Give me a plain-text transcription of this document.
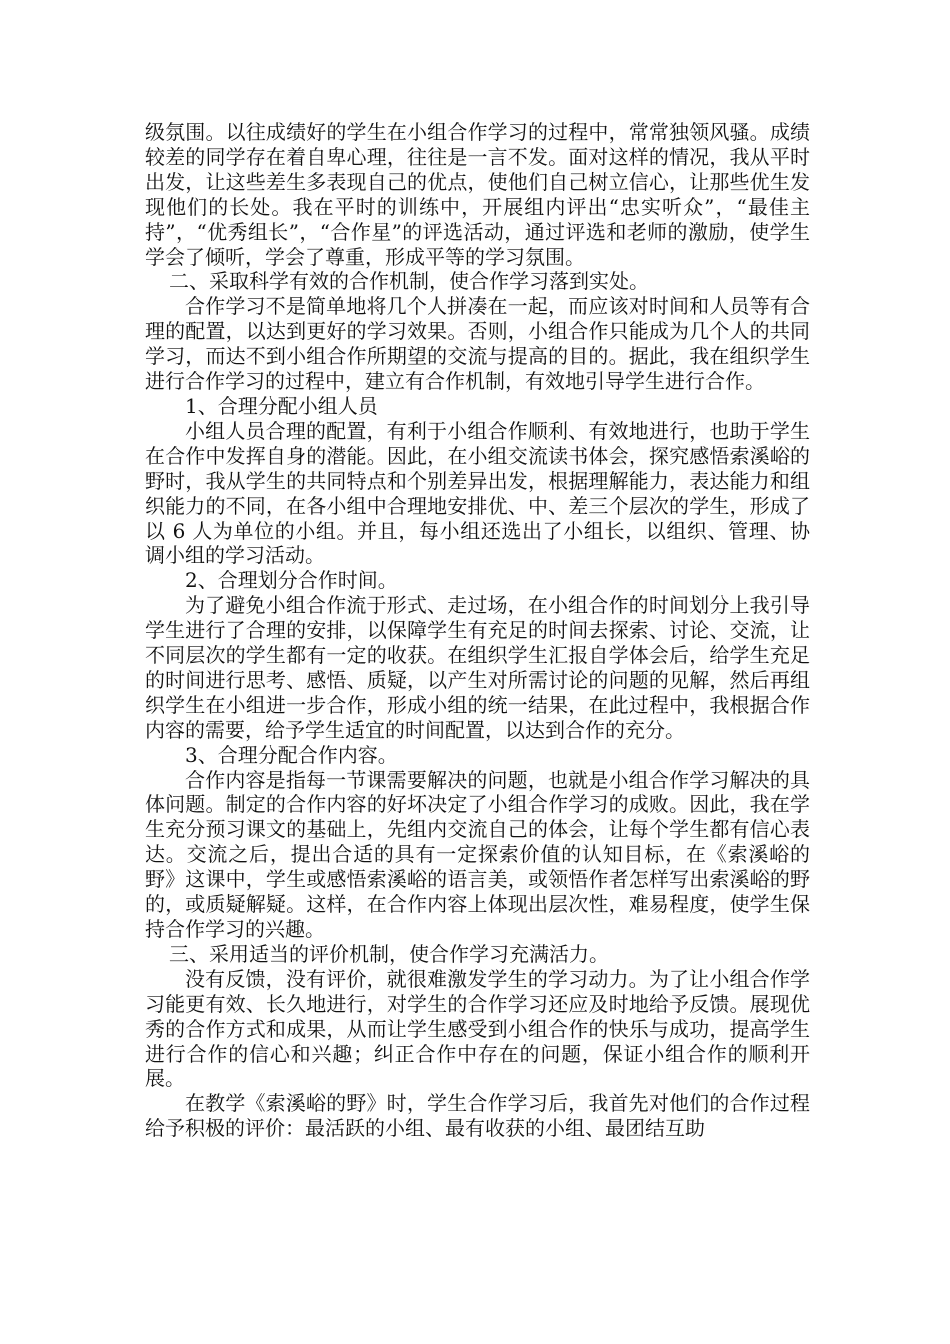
级氛围。以往成绩好的学生在小组合作学习的过程中，常常独领风骚。成绩较差的同学存在着自卑心理，往往是一言不发。面对这样的情况，我从平时出发，让这些差生多表现自己的优点，使他们自己树立信心，让那些优生发现他们的长处。我在平时的训练中，开展组内评出“忠实听众”，“最佳主持”，“优秀组长”，“合作星”的评选活动，通过评选和老师的激励，使学生学会了倾听，学会了尊重，形成平等的学习氛围。

二、采取科学有效的合作机制，使合作学习落到实处。

合作学习不是简单地将几个人拼凑在一起，而应该对时间和人员等有合理的配置，以达到更好的学习效果。否则，小组合作只能成为几个人的共同学习，而达不到小组合作所期望的交流与提高的目的。据此，我在组织学生进行合作学习的过程中，建立有合作机制，有效地引导学生进行合作。

1、合理分配小组人员

小组人员合理的配置，有利于小组合作顺利、有效地进行，也助于学生在合作中发挥自身的潜能。因此，在小组交流读书体会，探究感悟索溪峪的野时，我从学生的共同特点和个别差异出发，根据理解能力，表达能力和组织能力的不同，在各小组中合理地安排优、中、差三个层次的学生，形成了以 6 人为单位的小组。并且，每小组还选出了小组长，以组织、管理、协调小组的学习活动。

2、合理划分合作时间。

为了避免小组合作流于形式、走过场，在小组合作的时间划分上我引导学生进行了合理的安排，以保障学生有充足的时间去探索、讨论、交流，让不同层次的学生都有一定的收获。在组织学生汇报自学体会后，给学生充足的时间进行思考、感悟、质疑，以产生对所需讨论的问题的见解，然后再组织学生在小组进一步合作，形成小组的统一结果，在此过程中，我根据合作内容的需要，给予学生适宜的时间配置，以达到合作的充分。

3、合理分配合作内容。

合作内容是指每一节课需要解决的问题，也就是小组合作学习解决的具体问题。制定的合作内容的好坏决定了小组合作学习的成败。因此，我在学生充分预习课文的基础上，先组内交流自己的体会，让每个学生都有信心表达。交流之后，提出合适的具有一定探索价值的认知目标，在《索溪峪的野》这课中，学生或感悟索溪峪的语言美，或领悟作者怎样写出索溪峪的野的，或质疑解疑。这样，在合作内容上体现出层次性，难易程度，使学生保持合作学习的兴趣。

三、采用适当的评价机制，使合作学习充满活力。

没有反馈，没有评价，就很难激发学生的学习动力。为了让小组合作学习能更有效、长久地进行，对学生的合作学习还应及时地给予反馈。展现优秀的合作方式和成果，从而让学生感受到小组合作的快乐与成功，提高学生进行合作的信心和兴趣；纠正合作中存在的问题，保证小组合作的顺利开展。

在教学《索溪峪的野》时，学生合作学习后，我首先对他们的合作过程给予积极的评价：最活跃的小组、最有收获的小组、最团结互助
